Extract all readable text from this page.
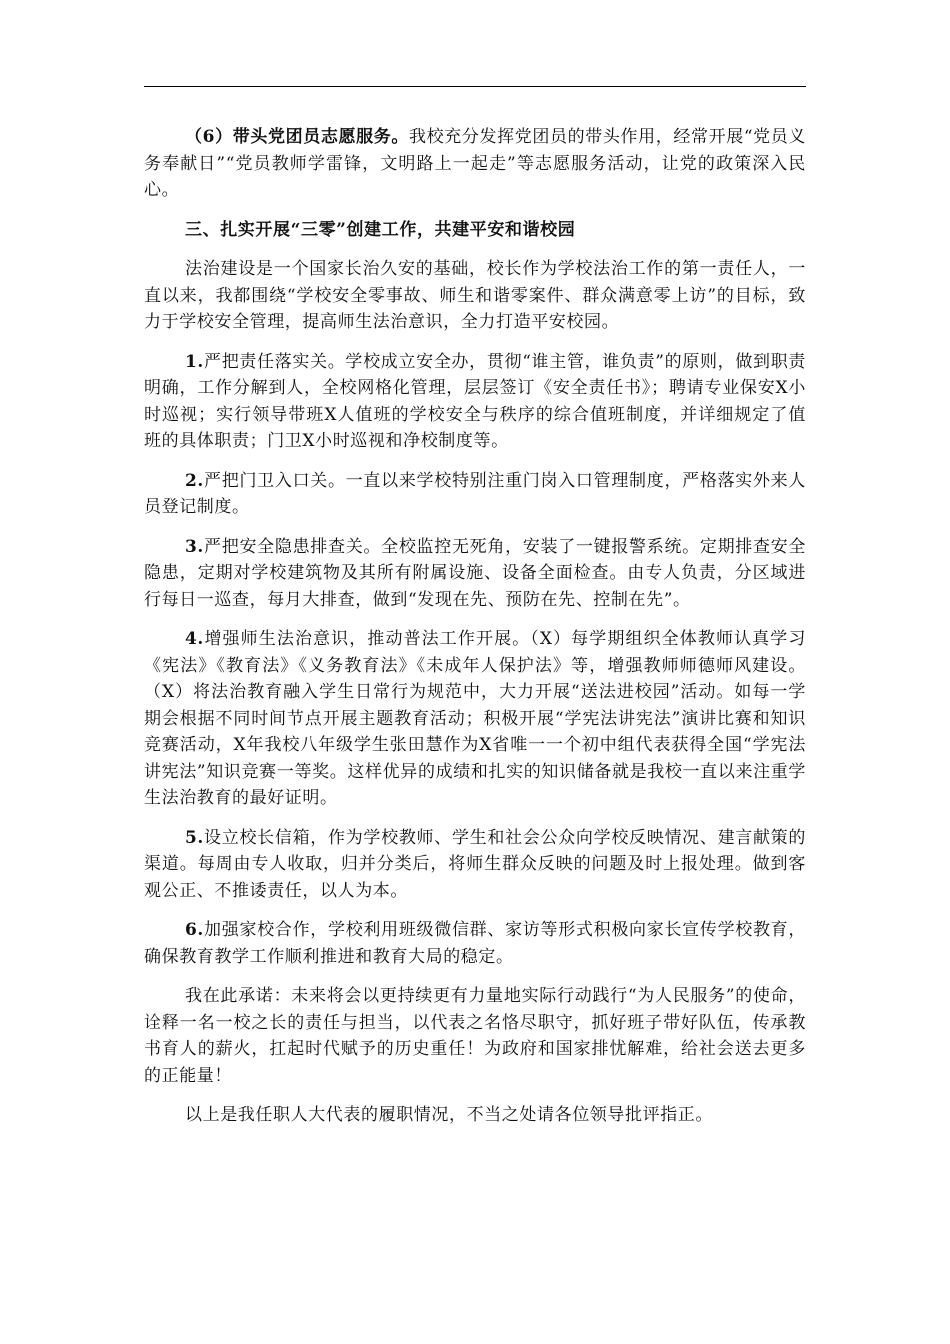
（6）带头党团员志愿服务。我校充分发挥党团员的带头作用，经常开展“党员义务奉献日”“党员教师学雷锋，文明路上一起走”等志愿服务活动，让党的政策深入民心。

三、扎实开展“三零”创建工作，共建平安和谐校园

法治建设是一个国家长治久安的基础，校长作为学校法治工作的第一责任人，一直以来，我都围绕“学校安全零事故、师生和谐零案件、群众满意零上访”的目标，致力于学校安全管理，提高师生法治意识，全力打造平安校园。

1.严把责任落实关。学校成立安全办，贯彻“谁主管，谁负责”的原则，做到职责明确，工作分解到人，全校网格化管理，层层签订《安全责任书》；聘请专业保安X小时巡视；实行领导带班X人值班的学校安全与秩序的综合值班制度，并详细规定了值班的具体职责；门卫X小时巡视和净校制度等。

2.严把门卫入口关。一直以来学校特别注重门岗入口管理制度，严格落实外来人员登记制度。

3.严把安全隐患排查关。全校监控无死角，安装了一键报警系统。定期排查安全隐患，定期对学校建筑物及其所有附属设施、设备全面检查。由专人负责，分区域进行每日一巡查，每月大排查，做到“发现在先、预防在先、控制在先”。

4.增强师生法治意识，推动普法工作开展。（X）每学期组织全体教师认真学习《宪法》《教育法》《义务教育法》《未成年人保护法》等，增强教师师德师风建设。（X）将法治教育融入学生日常行为规范中，大力开展“送法进校园”活动。如每一学期会根据不同时间节点开展主题教育活动；积极开展“学宪法讲宪法”演讲比赛和知识竞赛活动，X年我校八年级学生张田慧作为X省唯一一个初中组代表获得全国“学宪法讲宪法”知识竞赛一等奖。这样优异的成绩和扎实的知识储备就是我校一直以来注重学生法治教育的最好证明。

5.设立校长信箱，作为学校教师、学生和社会公众向学校反映情况、建言献策的渠道。每周由专人收取，归并分类后，将师生群众反映的问题及时上报处理。做到客观公正、不推诿责任，以人为本。

6.加强家校合作，学校利用班级微信群、家访等形式积极向家长宣传学校教育，确保教育教学工作顺利推进和教育大局的稳定。

我在此承诺：未来将会以更持续更有力量地实际行动践行“为人民服务”的使命，诠释一名一校之长的责任与担当，以代表之名恪尽职守，抓好班子带好队伍，传承教书育人的薪火，扛起时代赋予的历史重任！为政府和国家排忧解难，给社会送去更多的正能量！

以上是我任职人大代表的履职情况，不当之处请各位领导批评指正。
